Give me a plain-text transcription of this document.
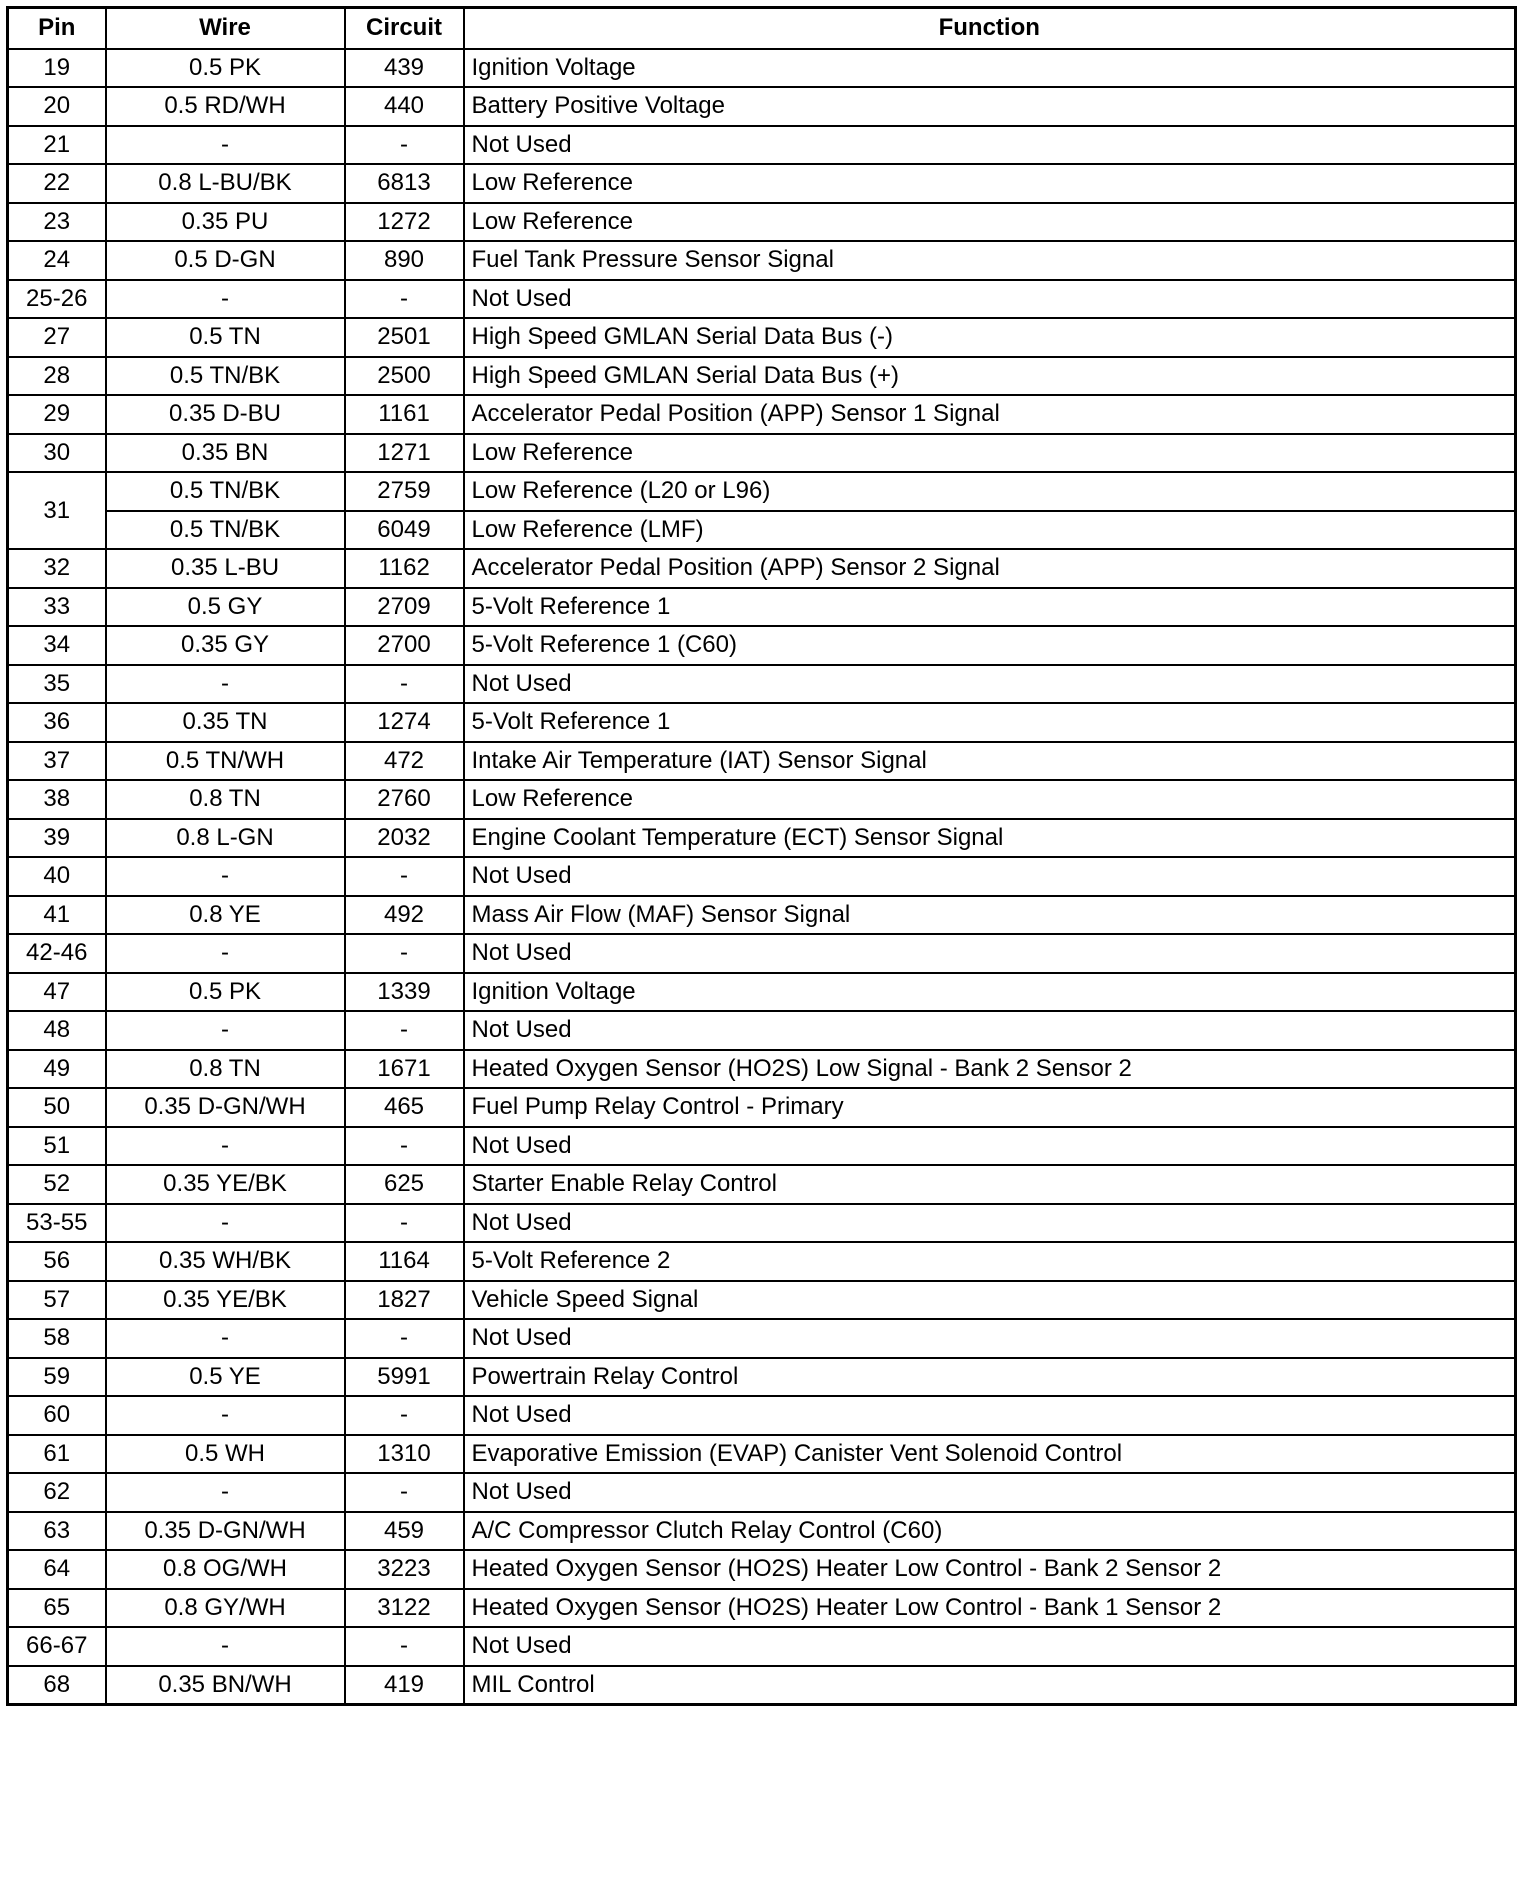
Pin	Wire	Circuit	Function
19	0.5 PK	439	Ignition Voltage
20	0.5 RD/WH	440	Battery Positive Voltage
21	-	-	Not Used
22	0.8 L-BU/BK	6813	Low Reference
23	0.35 PU	1272	Low Reference
24	0.5 D-GN	890	Fuel Tank Pressure Sensor Signal
25-26	-	-	Not Used
27	0.5 TN	2501	High Speed GMLAN Serial Data Bus (-)
28	0.5 TN/BK	2500	High Speed GMLAN Serial Data Bus (+)
29	0.35 D-BU	1161	Accelerator Pedal Position (APP) Sensor 1 Signal
30	0.35 BN	1271	Low Reference
31	0.5 TN/BK	2759	Low Reference (L20 or L96)
	0.5 TN/BK	6049	Low Reference (LMF)
32	0.35 L-BU	1162	Accelerator Pedal Position (APP) Sensor 2 Signal
33	0.5 GY	2709	5-Volt Reference 1
34	0.35 GY	2700	5-Volt Reference 1 (C60)
35	-	-	Not Used
36	0.35 TN	1274	5-Volt Reference 1
37	0.5 TN/WH	472	Intake Air Temperature (IAT) Sensor Signal
38	0.8 TN	2760	Low Reference
39	0.8 L-GN	2032	Engine Coolant Temperature (ECT) Sensor Signal
40	-	-	Not Used
41	0.8 YE	492	Mass Air Flow (MAF) Sensor Signal
42-46	-	-	Not Used
47	0.5 PK	1339	Ignition Voltage
48	-	-	Not Used
49	0.8 TN	1671	Heated Oxygen Sensor (HO2S) Low Signal - Bank 2 Sensor 2
50	0.35 D-GN/WH	465	Fuel Pump Relay Control - Primary
51	-	-	Not Used
52	0.35 YE/BK	625	Starter Enable Relay Control
53-55	-	-	Not Used
56	0.35 WH/BK	1164	5-Volt Reference 2
57	0.35 YE/BK	1827	Vehicle Speed Signal
58	-	-	Not Used
59	0.5 YE	5991	Powertrain Relay Control
60	-	-	Not Used
61	0.5 WH	1310	Evaporative Emission (EVAP) Canister Vent Solenoid Control
62	-	-	Not Used
63	0.35 D-GN/WH	459	A/C Compressor Clutch Relay Control (C60)
64	0.8 OG/WH	3223	Heated Oxygen Sensor (HO2S) Heater Low Control - Bank 2 Sensor 2
65	0.8 GY/WH	3122	Heated Oxygen Sensor (HO2S) Heater Low Control - Bank 1 Sensor 2
66-67	-	-	Not Used
68	0.35 BN/WH	419	MIL Control
